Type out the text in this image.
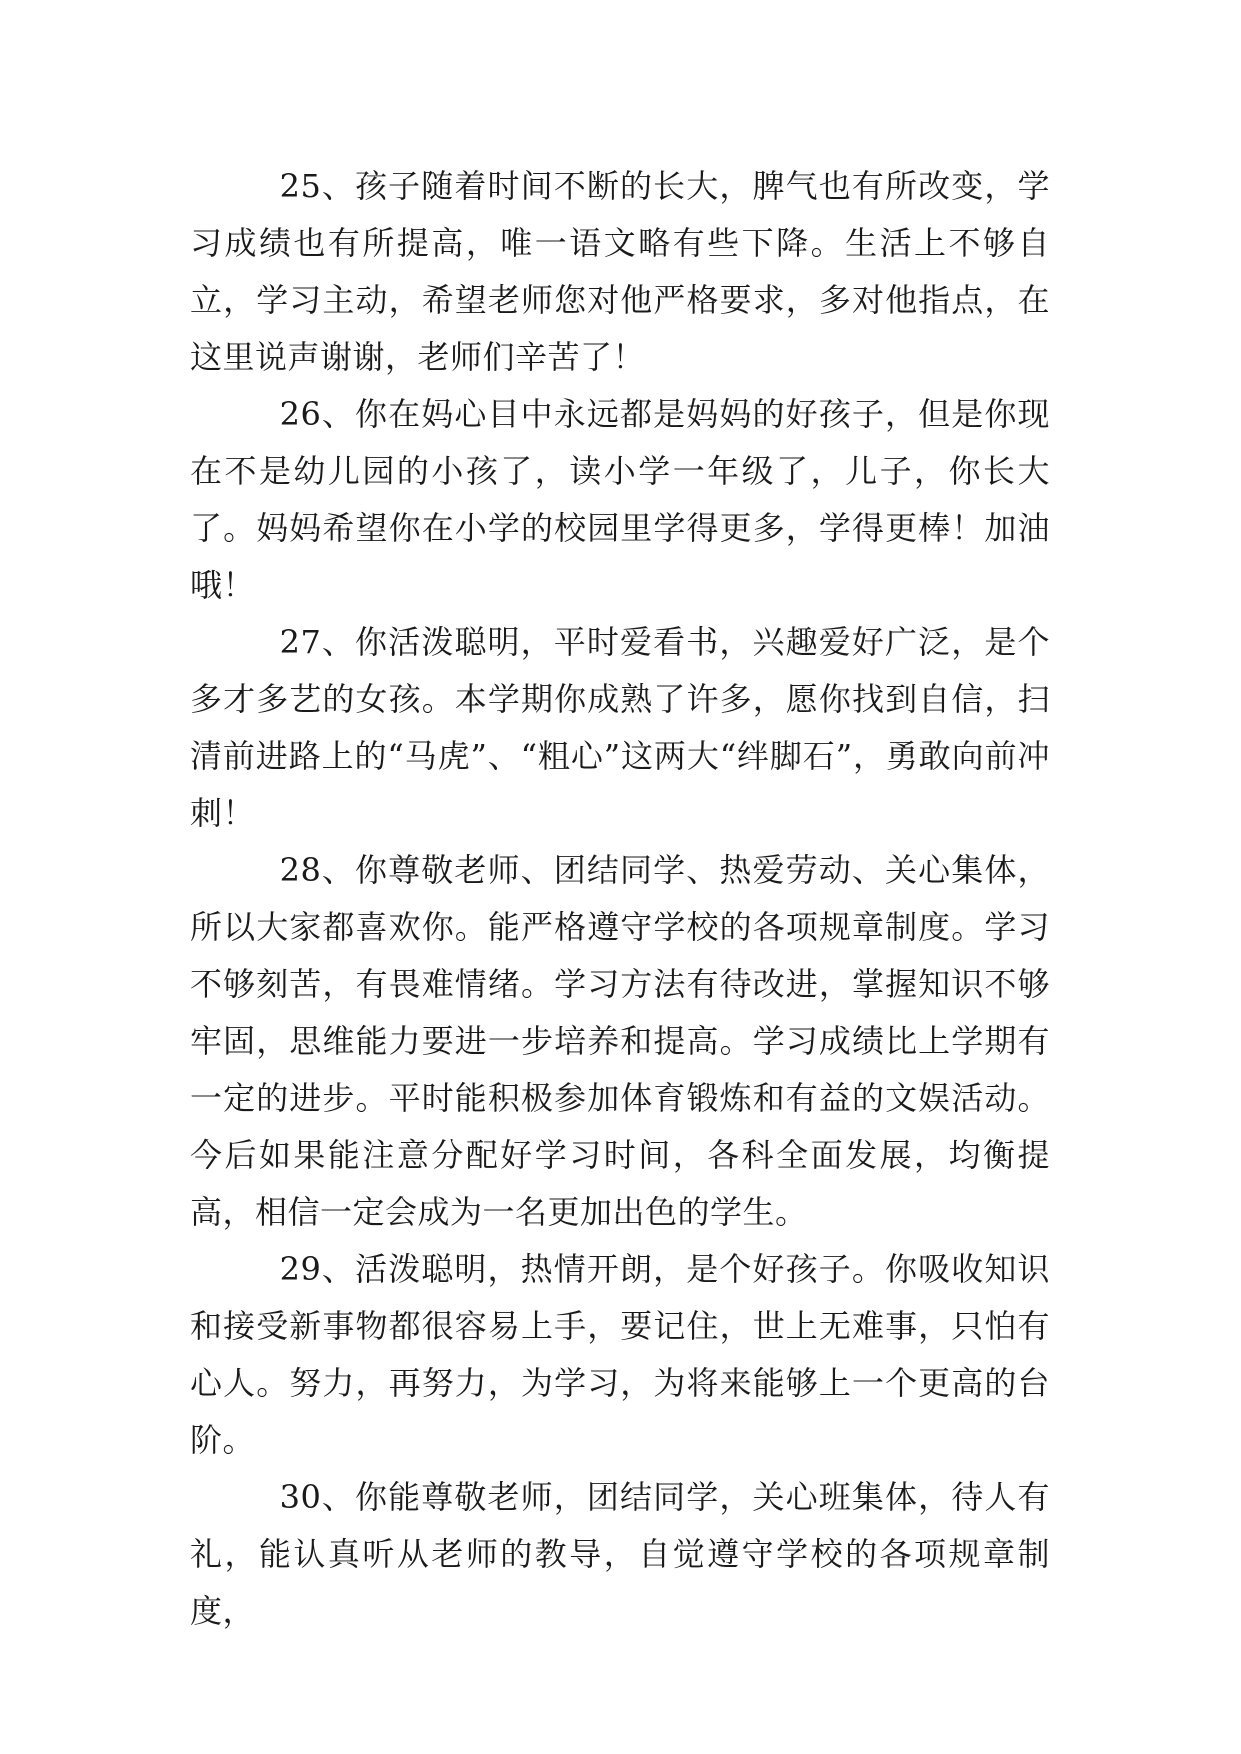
25、孩子随着时间不断的长大，脾气也有所改变，学习成绩也有所提高，唯一语文略有些下降。生活上不够自立，学习主动，希望老师您对他严格要求，多对他指点，在这里说声谢谢，老师们辛苦了！

26、你在妈心目中永远都是妈妈的好孩子，但是你现在不是幼儿园的小孩了，读小学一年级了，儿子，你长大了。妈妈希望你在小学的校园里学得更多，学得更棒！加油哦！

27、你活泼聪明，平时爱看书，兴趣爱好广泛，是个多才多艺的女孩。本学期你成熟了许多，愿你找到自信，扫清前进路上的“马虎”、“粗心”这两大“绊脚石”，勇敢向前冲刺！

28、你尊敬老师、团结同学、热爱劳动、关心集体，所以大家都喜欢你。能严格遵守学校的各项规章制度。学习不够刻苦，有畏难情绪。学习方法有待改进，掌握知识不够牢固，思维能力要进一步培养和提高。学习成绩比上学期有一定的进步。平时能积极参加体育锻炼和有益的文娱活动。今后如果能注意分配好学习时间，各科全面发展，均衡提高，相信一定会成为一名更加出色的学生。

29、活泼聪明，热情开朗，是个好孩子。你吸收知识和接受新事物都很容易上手，要记住，世上无难事，只怕有心人。努力，再努力，为学习，为将来能够上一个更高的台阶。

30、你能尊敬老师，团结同学，关心班集体，待人有礼，能认真听从老师的教导，自觉遵守学校的各项规章制度，
